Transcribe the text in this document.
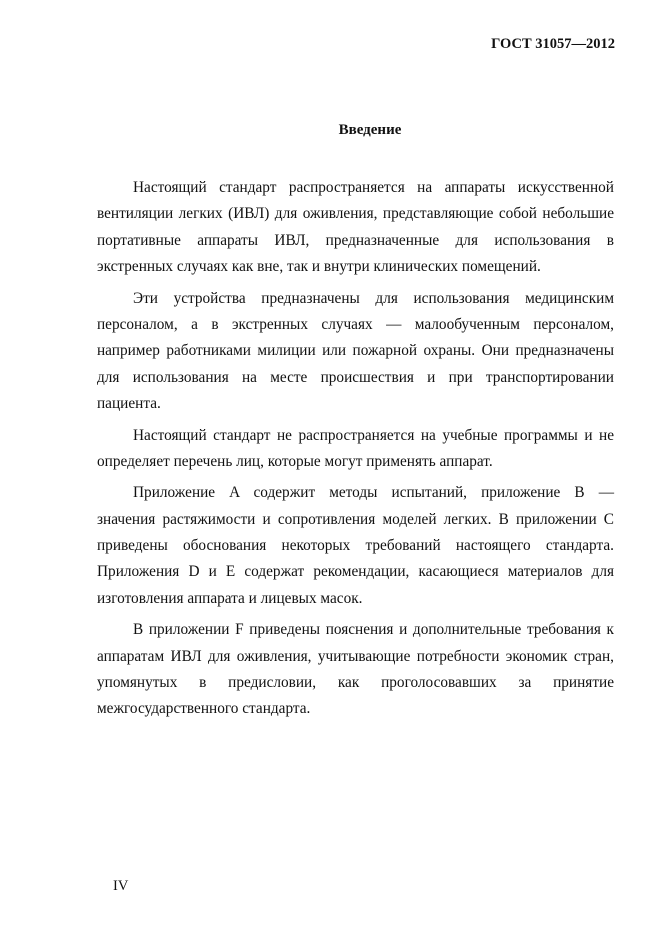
ГОСТ 31057—2012
Введение
Настоящий стандарт распространяется на аппараты искусственной
вентиляции легких (ИВЛ) для оживления, представляющие собой небольшие
портативные аппараты ИВЛ, предназначенные для использования в
экстренных случаях как вне, так и внутри клинических помещений.
Эти устройства предназначены для использования медицинским
персоналом, а в экстренных случаях — малообученным персоналом,
например работниками милиции или пожарной охраны. Они предназначены
для использования на месте происшествия и при транспортировании
пациента.
Настоящий стандарт не распространяется на учебные программы и не
определяет перечень лиц, которые могут применять аппарат.
Приложение A содержит методы испытаний, приложение B —
значения растяжимости и сопротивления моделей легких. В приложении C
приведены обоснования некоторых требований настоящего стандарта.
Приложения D и E содержат рекомендации, касающиеся материалов для
изготовления аппарата и лицевых масок.
В приложении F приведены пояснения и дополнительные требования к
аппаратам ИВЛ для оживления, учитывающие потребности экономик стран,
упомянутых в предисловии, как проголосовавших за принятие
межгосударственного стандарта.
IV
